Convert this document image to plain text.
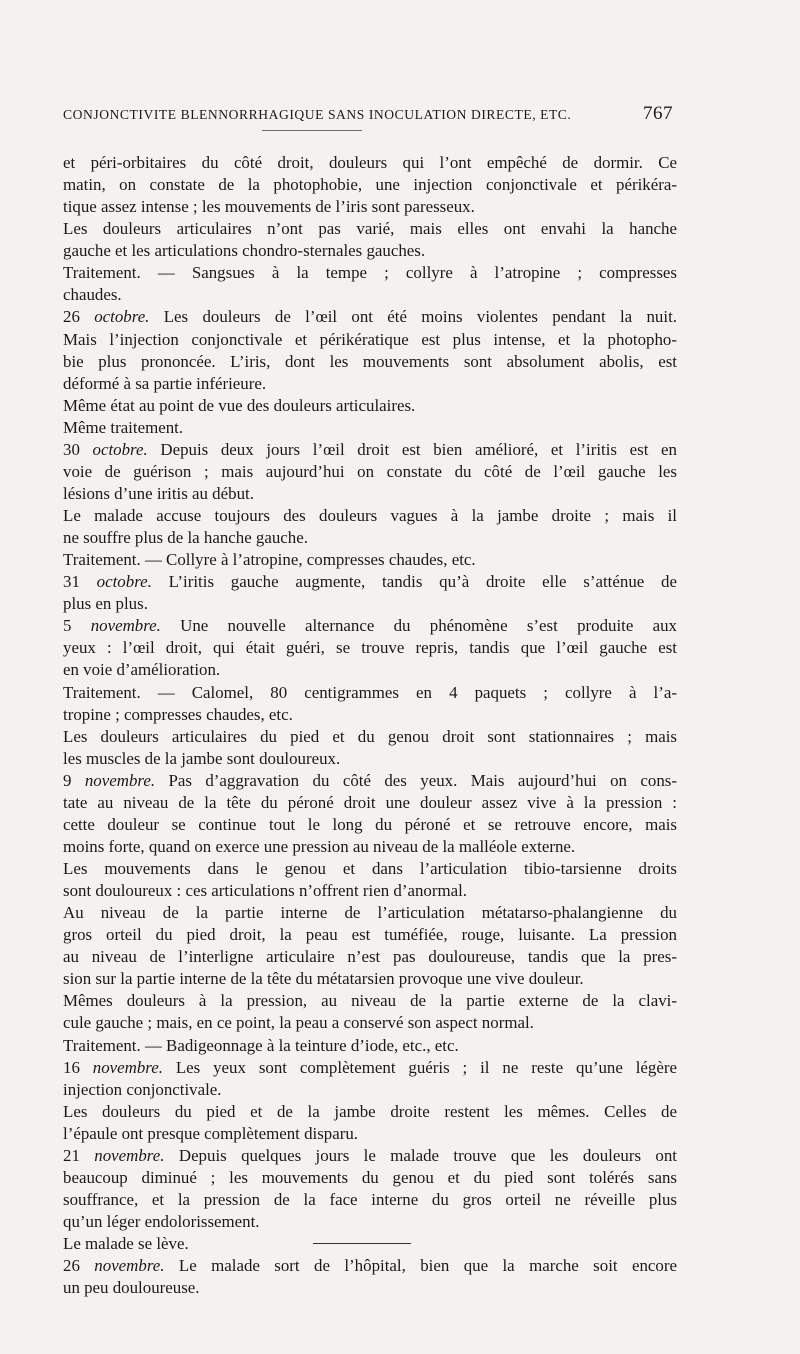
CONJONCTIVITE BLENNORRHAGIQUE SANS INOCULATION DIRECTE, ETC.	767
et péri-orbitaires du côté droit, douleurs qui l’ont empêché de dormir. Ce
matin, on constate de la photophobie, une injection conjonctivale et périkéra-
tique assez intense ; les mouvements de l’iris sont paresseux.
Les douleurs articulaires n’ont pas varié, mais elles ont envahi la hanche
gauche et les articulations chondro-sternales gauches.
Traitement. — Sangsues à la tempe ; collyre à l’atropine ; compresses
chaudes.
26 octobre. Les douleurs de l’œil ont été moins violentes pendant la nuit.
Mais l’injection conjonctivale et périkératique est plus intense, et la photopho-
bie plus prononcée. L’iris, dont les mouvements sont absolument abolis, est
déformé à sa partie inférieure.
Même état au point de vue des douleurs articulaires.
Même traitement.
30 octobre. Depuis deux jours l’œil droit est bien amélioré, et l’iritis est en
voie de guérison ; mais aujourd’hui on constate du côté de l’œil gauche les
lésions d’une iritis au début.
Le malade accuse toujours des douleurs vagues à la jambe droite ; mais il
ne souffre plus de la hanche gauche.
Traitement. — Collyre à l’atropine, compresses chaudes, etc.
31 octobre. L’iritis gauche augmente, tandis qu’à droite elle s’atténue de
plus en plus.
5 novembre. Une nouvelle alternance du phénomène s’est produite aux
yeux : l’œil droit, qui était guéri, se trouve repris, tandis que l’œil gauche est
en voie d’amélioration.
Traitement. — Calomel, 80 centigrammes en 4 paquets ; collyre à l’a-
tropine ; compresses chaudes, etc.
Les douleurs articulaires du pied et du genou droit sont stationnaires ; mais
les muscles de la jambe sont douloureux.
9 novembre. Pas d’aggravation du côté des yeux. Mais aujourd’hui on cons-
tate au niveau de la tête du péroné droit une douleur assez vive à la pression :
cette douleur se continue tout le long du péroné et se retrouve encore, mais
moins forte, quand on exerce une pression au niveau de la malléole externe.
Les mouvements dans le genou et dans l’articulation tibio-tarsienne droits
sont douloureux : ces articulations n’offrent rien d’anormal.
Au niveau de la partie interne de l’articulation métatarso-phalangienne du
gros orteil du pied droit, la peau est tuméfiée, rouge, luisante. La pression
au niveau de l’interligne articulaire n’est pas douloureuse, tandis que la pres-
sion sur la partie interne de la tête du métatarsien provoque une vive douleur.
Mêmes douleurs à la pression, au niveau de la partie externe de la clavi-
cule gauche ; mais, en ce point, la peau a conservé son aspect normal.
Traitement. — Badigeonnage à la teinture d’iode, etc., etc.
16 novembre. Les yeux sont complètement guéris ; il ne reste qu’une légère
injection conjonctivale.
Les douleurs du pied et de la jambe droite restent les mêmes. Celles de
l’épaule ont presque complètement disparu.
21 novembre. Depuis quelques jours le malade trouve que les douleurs ont
beaucoup diminué ; les mouvements du genou et du pied sont tolérés sans
souffrance, et la pression de la face interne du gros orteil ne réveille plus
qu’un léger endolorissement.
Le malade se lève.
26 novembre. Le malade sort de l’hôpital, bien que la marche soit encore
un peu douloureuse.
